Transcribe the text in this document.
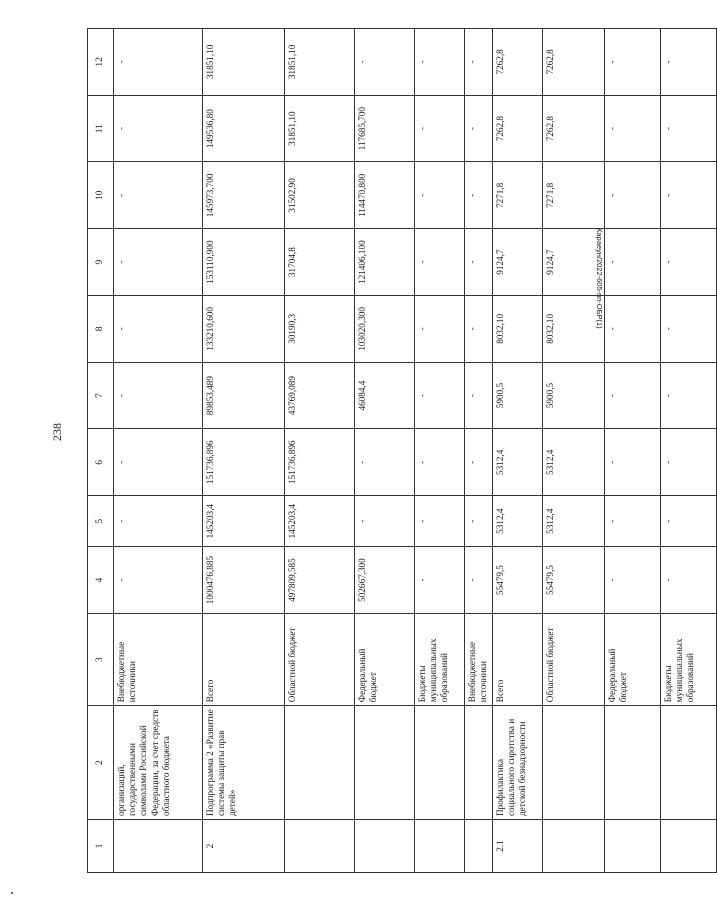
238
Караеун/2022-605-пп-ОБР(1)
1	2	3	4	5	6	7	8	9	10	11	12
	организаций, государственными символами Российской Федерации, за счет средств областного бюджета	Внебюджетные источники	-	-	-	-	-	-	-	-	-
2	Подпрограмма 2 «Развитие системы защиты прав детей»	Всего	1000476,885	145203,4	151736,896	89853,489	133210,600	153110,900	145973,700	149536,80	31851,10
		Областной бюджет	497809,585	145203,4	151736,896	43769,089	30190,3	31704,8	31502,90	31851,10	31851,10
		Федеральный бюджет	502667,300	-	-	46084,4	103020,300	121406,100	114470,800	117685,700	-
		Бюджеты муниципальных образований	-	-	-	-	-	-	-	-	-
		Внебюджетные источники	-	-	-	-	-	-	-	-	-
2.1	Профилактика социального сиротства и детской безнадзорности	Всего	55479,5	5312,4	5312,4	5900,5	8032,10	9124,7	7271,8	7262,8	7262,8
		Областной бюджет	55479,5	5312,4	5312,4	5900,5	8032,10	9124,7	7271,8	7262,8	7262,8
		Федеральный бюджет	-	-	-	-	-	-	-	-	-
		Бюджеты муниципальных образований	-	-	-	-	-	-	-	-	-
